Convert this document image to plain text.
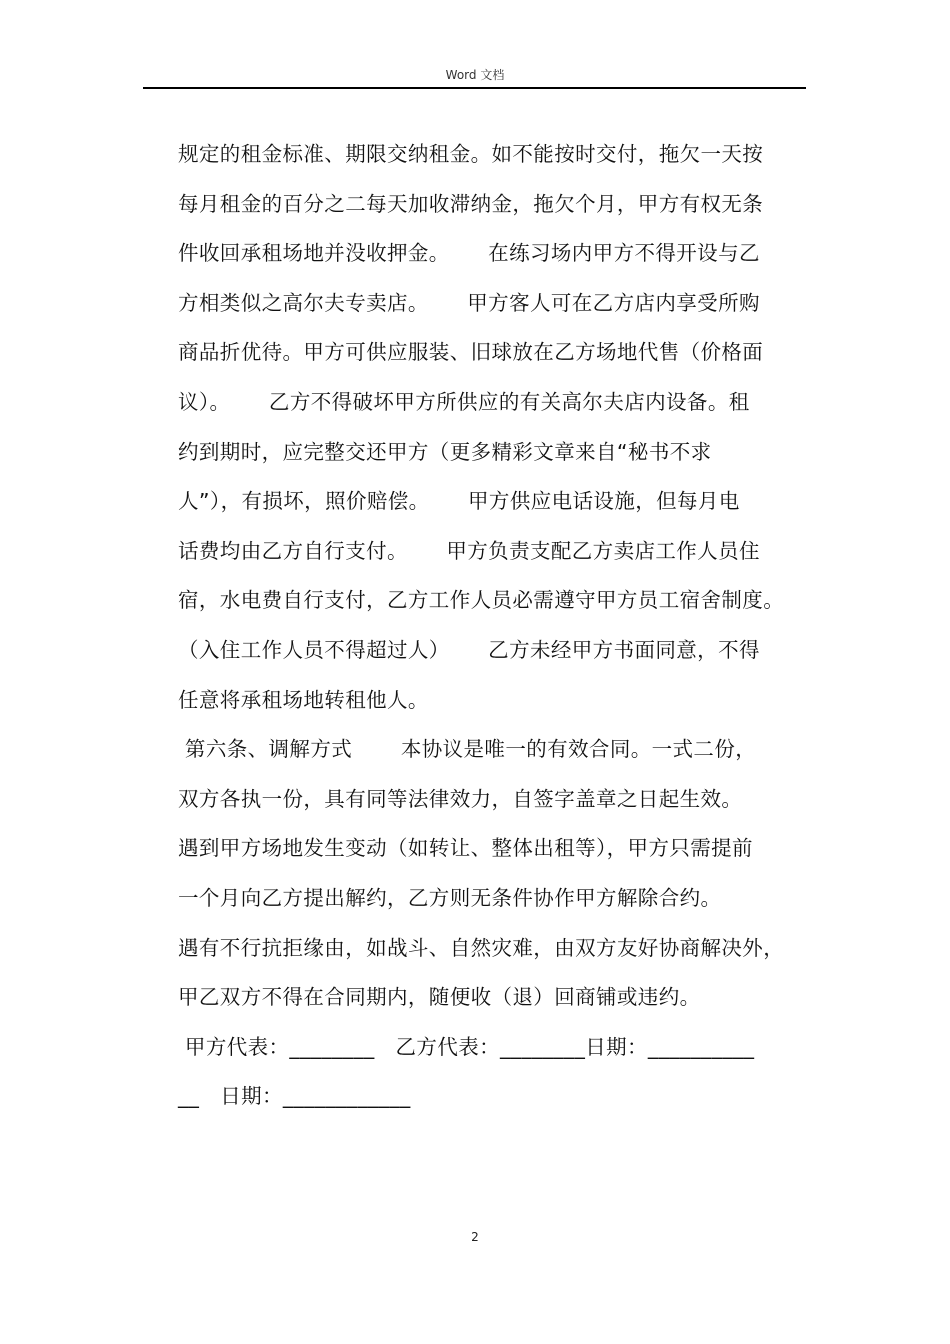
Word 文档
规定的租金标准、期限交纳租金。如不能按时交付，拖欠一天按
每月租金的百分之二每天加收滞纳金，拖欠个月，甲方有权无条
件收回承租场地并没收押金。　　 在练习场内甲方不得开设与乙
方相类似之高尔夫专卖店。　　 甲方客人可在乙方店内享受所购
商品折优待。甲方可供应服装、旧球放在乙方场地代售（价格面
议）。　　 乙方不得破坏甲方所供应的有关高尔夫店内设备。租
约到期时，应完整交还甲方（更多精彩文章来自“秘书不求
人”），有损坏，照价赔偿。　　 甲方供应电话设施，但每月电
话费均由乙方自行支付。　　 甲方负责支配乙方卖店工作人员住
宿，水电费自行支付，乙方工作人员必需遵守甲方员工宿舍制度。
（入住工作人员不得超过人）　　 乙方未经甲方书面同意，不得
任意将承租场地转租他人。
第六条、调解方式　　 本协议是唯一的有效合同。一式二份，
双方各执一份，具有同等法律效力，自签字盖章之日起生效。
遇到甲方场地发生变动（如转让、整体出租等），甲方只需提前
一个月向乙方提出解约，乙方则无条件协作甲方解除合约。
遇有不行抗拒缘由，如战斗、自然灾难，由双方友好协商解决外，
甲乙双方不得在合同期内，随便收（退）回商铺或违约。
甲方代表：________　乙方代表：________日期：__________
__　日期：____________
2
